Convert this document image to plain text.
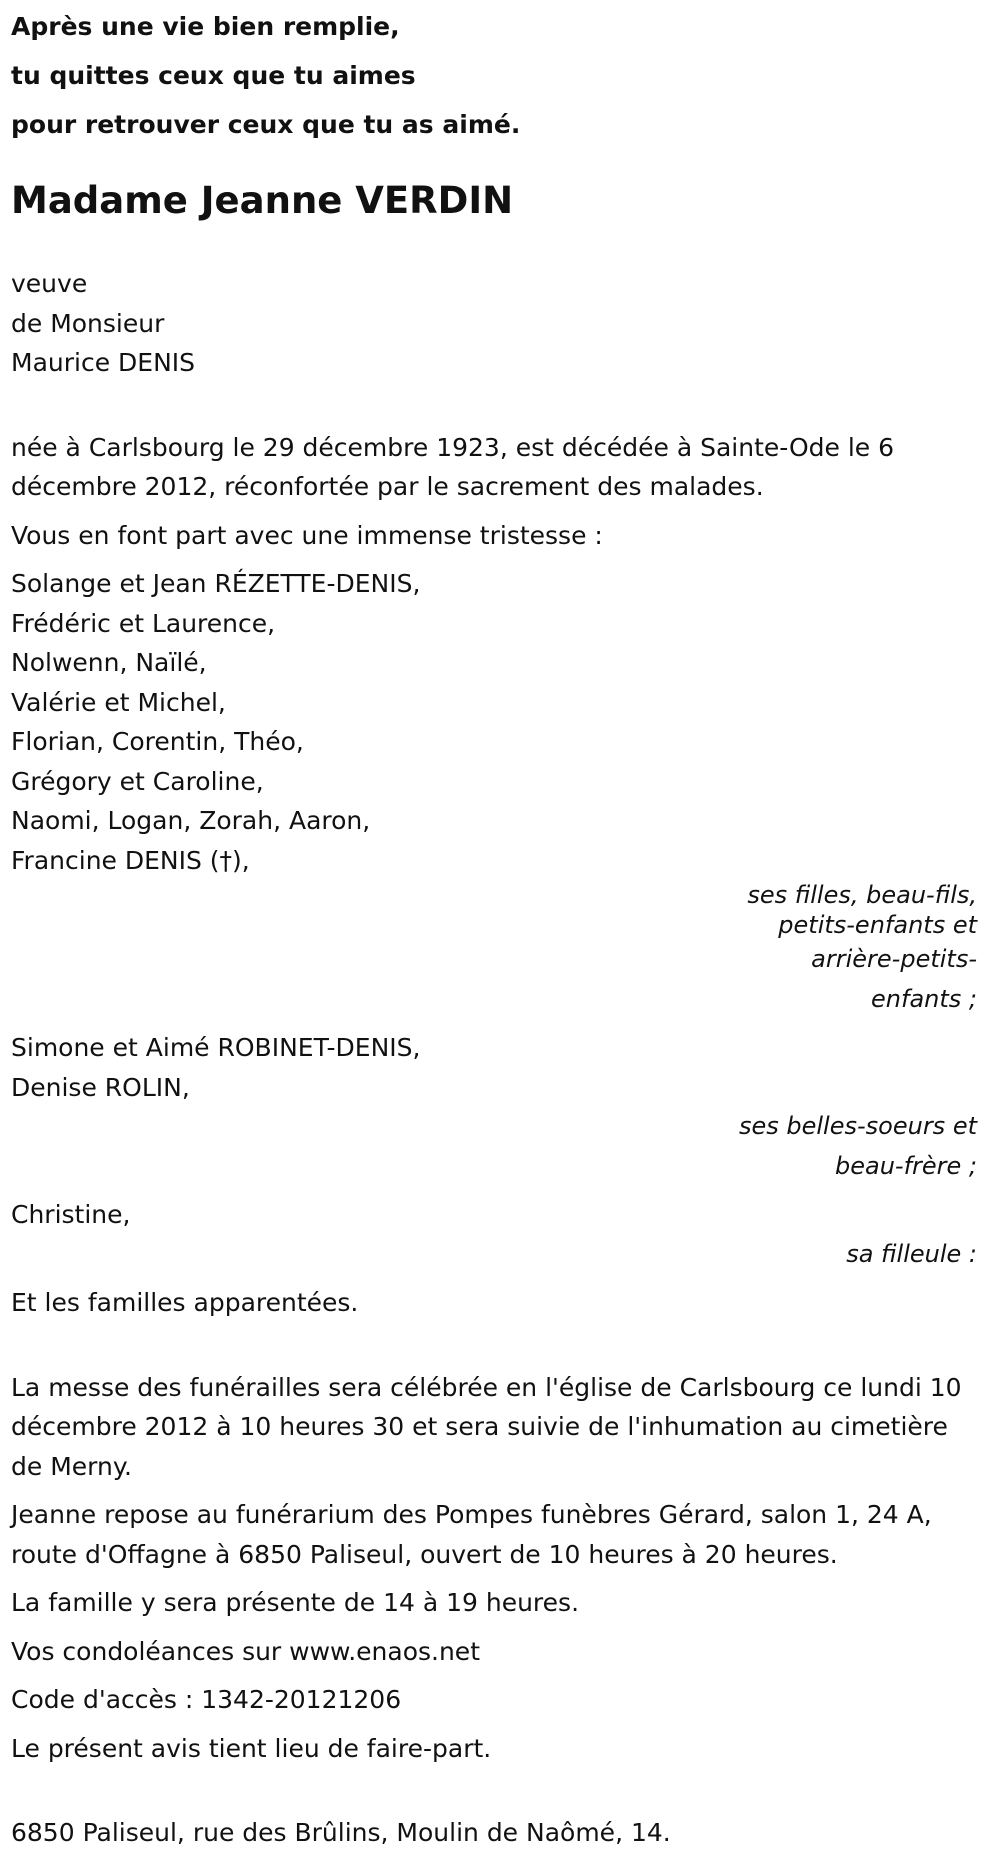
Après une vie bien remplie,
tu quittes ceux que tu aimes
pour retrouver ceux que tu as aimé.
Madame Jeanne VERDIN
veuve
de Monsieur
Maurice DENIS
née à Carlsbourg le 29 décembre 1923, est décédée à Sainte-Ode le 6 décembre 2012, réconfortée par le sacrement des malades.
Vous en font part avec une immense tristesse :
Solange et Jean RÉZETTE-DENIS,
Frédéric et Laurence,
Nolwenn, Naïlé,
Valérie et Michel,
Florian, Corentin, Théo,
Grégory et Caroline,
Naomi, Logan, Zorah, Aaron,
Francine DENIS (†),
ses filles, beau-fils,
petits-enfants et
arrière-petits-
enfants ;
Simone et Aimé ROBINET-DENIS,
Denise ROLIN,
ses belles-soeurs et
beau-frère ;
Christine,
sa filleule :
Et les familles apparentées.
La messe des funérailles sera célébrée en l'église de Carlsbourg ce lundi 10 décembre 2012 à 10 heures 30 et sera suivie de l'inhumation au cimetière de Merny.
Jeanne repose au funérarium des Pompes funèbres Gérard, salon 1, 24 A, route d'Offagne à 6850 Paliseul, ouvert de 10 heures à 20 heures.
La famille y sera présente de 14 à 19 heures.
Vos condoléances sur www.enaos.net
Code d'accès : 1342-20121206
Le présent avis tient lieu de faire-part.
6850 Paliseul, rue des Brûlins, Moulin de Naômé, 14.
